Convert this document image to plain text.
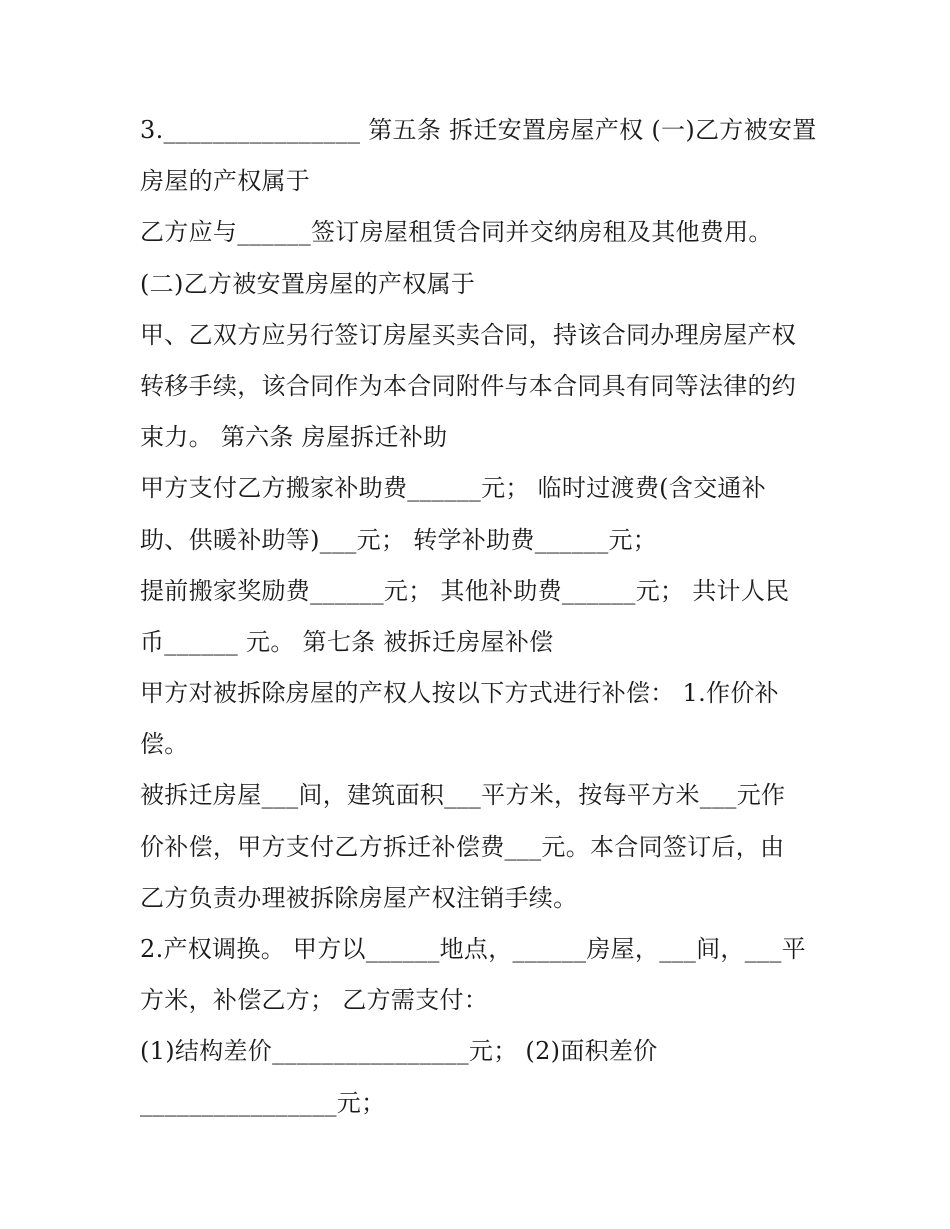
3.________________ 第五条 拆迁安置房屋产权 (一)乙方被安置
房屋的产权属于
乙方应与______签订房屋租赁合同并交纳房租及其他费用。
(二)乙方被安置房屋的产权属于
甲、乙双方应另行签订房屋买卖合同，持该合同办理房屋产权
转移手续，该合同作为本合同附件与本合同具有同等法律的约
束力。 第六条 房屋拆迁补助
甲方支付乙方搬家补助费______元； 临时过渡费(含交通补
助、供暖补助等)___元； 转学补助费______元；
提前搬家奖励费______元； 其他补助费______元； 共计人民
币______ 元。 第七条 被拆迁房屋补偿
甲方对被拆除房屋的产权人按以下方式进行补偿： 1.作价补
偿。
被拆迁房屋___间，建筑面积___平方米，按每平方米___元作
价补偿，甲方支付乙方拆迁补偿费___元。本合同签订后，由
乙方负责办理被拆除房屋产权注销手续。
2.产权调换。 甲方以______地点，______房屋，___间，___平
方米，补偿乙方； 乙方需支付：
(1)结构差价________________元； (2)面积差价
________________元；
